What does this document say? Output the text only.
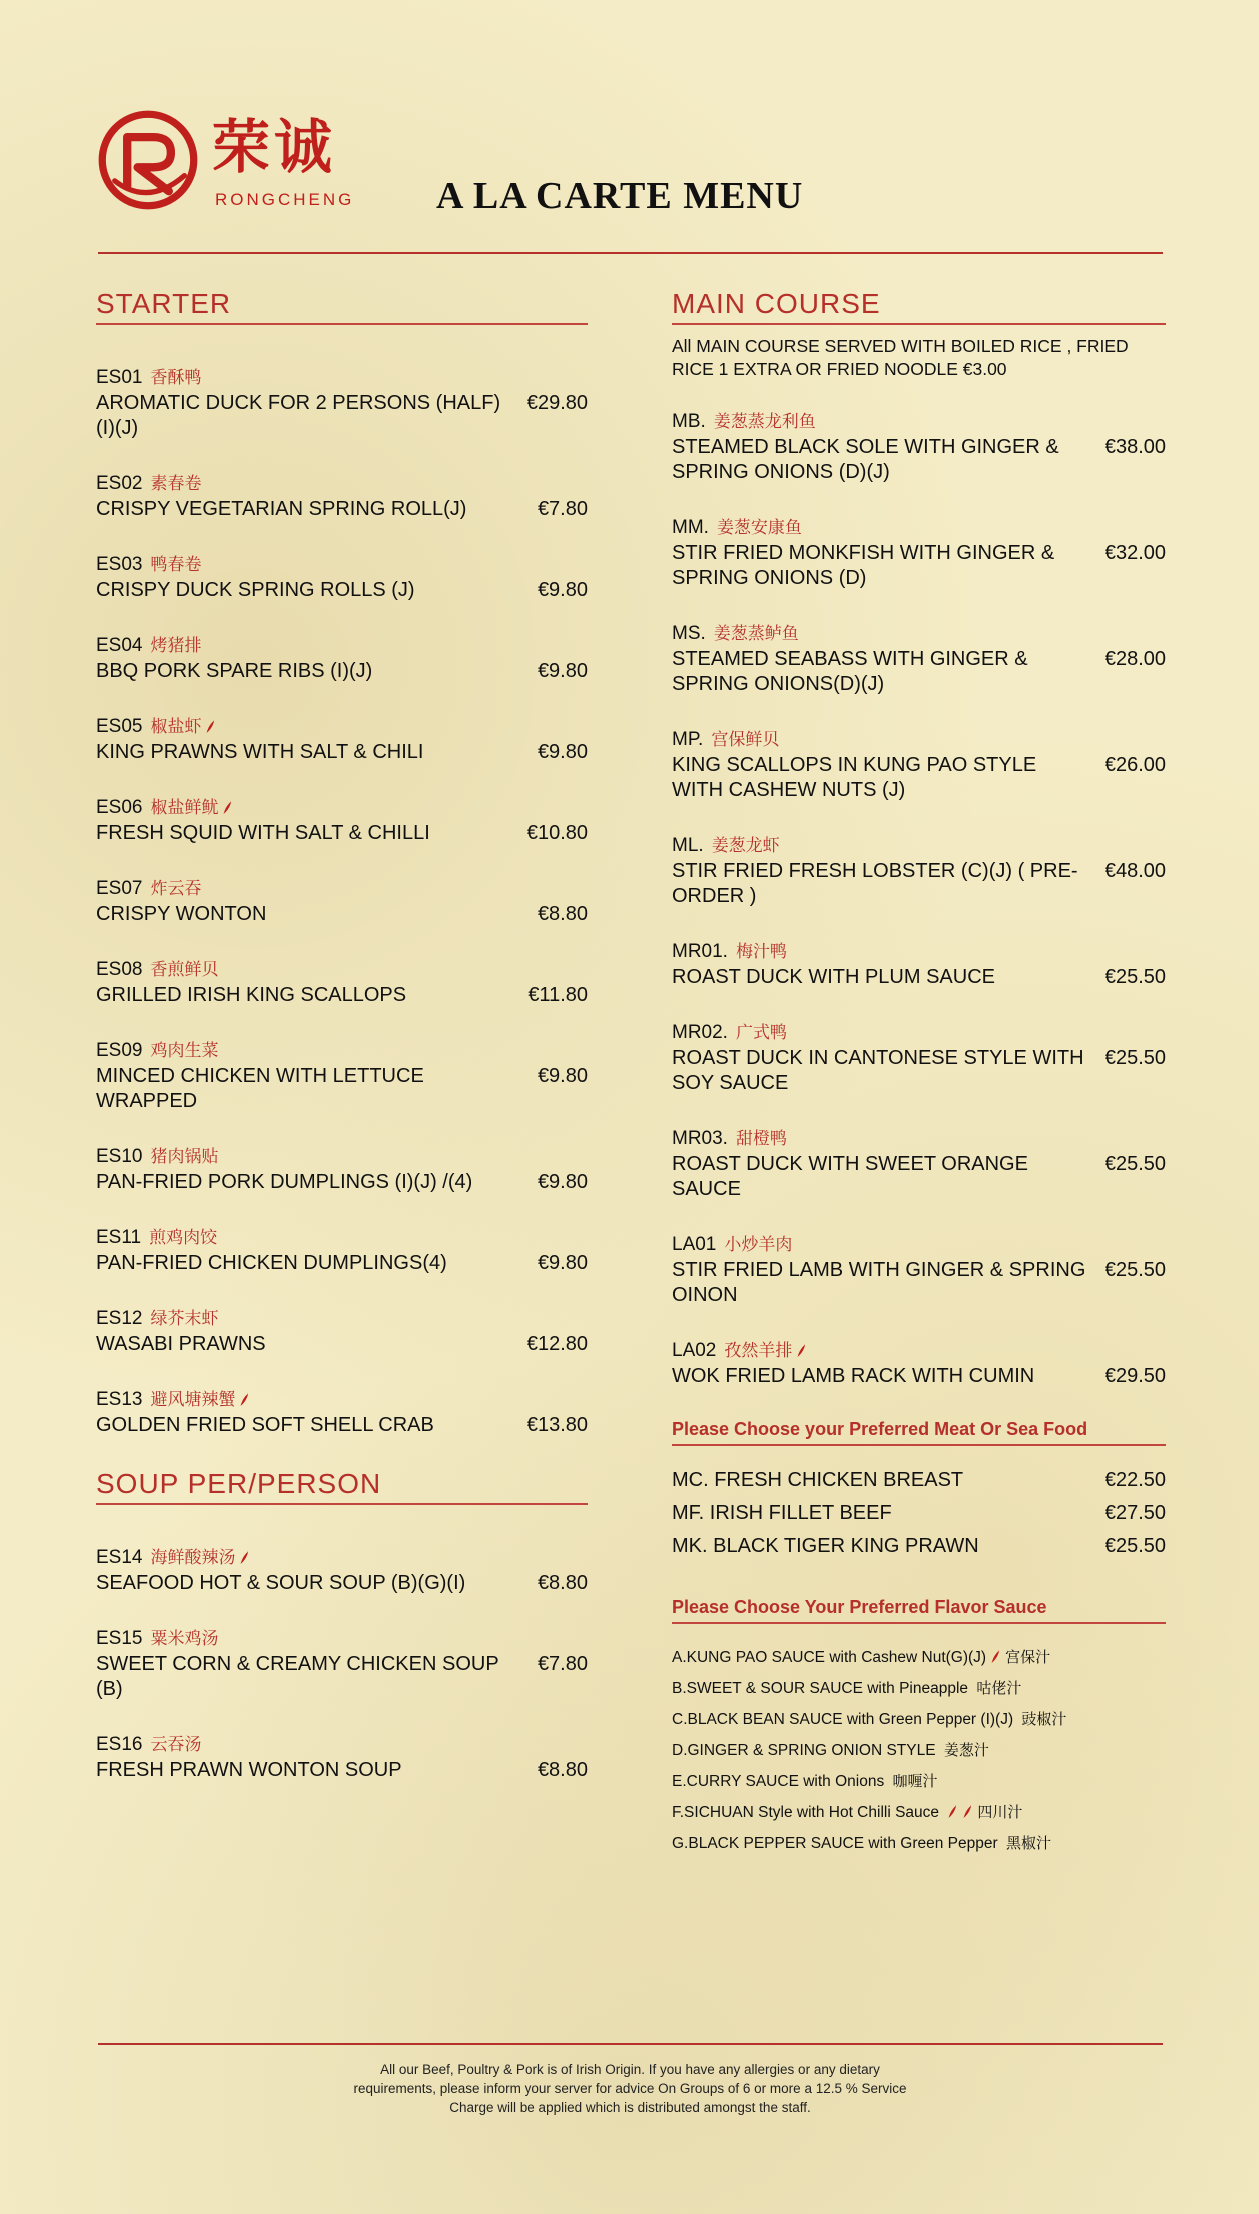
荣诚
RONGCHENG A LA CARTE MENU
STARTER
ES01 香酥鸭
AROMATIC DUCK FOR 2 PERSONS (HALF)(I)(J)
€29.80
ES02 素春卷
CRISPY VEGETARIAN SPRING ROLL(J)	€7.80
ES03 鸭春卷
CRISPY DUCK SPRING ROLLS (J)	€9.80
ES04 烤猪排
BBQ PORK SPARE RIBS (I)(J)	€9.80
ES05 椒盐虾
KING PRAWNS WITH SALT & CHILI	€9.80
ES06 椒盐鲜鱿
FRESH SQUID WITH SALT & CHILLI	€10.80
ES07 炸云吞
CRISPY WONTON	€8.80
ES08 香煎鲜贝
GRILLED IRISH KING SCALLOPS	€11.80
ES09 鸡肉生菜
MINCED CHICKEN WITH LETTUCE WRAPPED
€9.80
ES10 猪肉锅贴
PAN-FRIED PORK DUMPLINGS (I)(J) /(4)	€9.80
ES11 煎鸡肉饺
PAN-FRIED CHICKEN DUMPLINGS(4)	€9.80
ES12 绿芥末虾
WASABI PRAWNS	€12.80
ES13 避风塘辣蟹
GOLDEN FRIED SOFT SHELL CRAB	€13.80
SOUP PER/PERSON
ES14 海鲜酸辣汤
SEAFOOD HOT & SOUR SOUP (B)(G)(I)	€8.80
ES15 粟米鸡汤
SWEET CORN & CREAMY CHICKEN SOUP (B)
€7.80
ES16 云吞汤
FRESH PRAWN WONTON SOUP	€8.80
MAIN COURSE
All MAIN COURSE SERVED WITH BOILED RICE , FRIED RICE 1 EXTRA OR FRIED NOODLE €3.00
MB. 姜葱蒸龙利鱼
STEAMED BLACK SOLE WITH GINGER & SPRING ONIONS (D)(J)
€38.00
MM. 姜葱安康鱼
STIR FRIED MONKFISH WITH GINGER & SPRING ONIONS (D)
€32.00
MS. 姜葱蒸鲈鱼
STEAMED SEABASS WITH GINGER & SPRING ONIONS(D)(J)
€28.00
MP. 宫保鲜贝
KING SCALLOPS IN KUNG PAO STYLE WITH CASHEW NUTS (J)
€26.00
ML. 姜葱龙虾
STIR FRIED FRESH LOBSTER (C)(J) ( PRE-ORDER )
€48.00
MR01. 梅汁鸭
ROAST DUCK WITH PLUM SAUCE	€25.50
MR02. 广式鸭
ROAST DUCK IN CANTONESE STYLE WITH SOY SAUCE
€25.50
MR03. 甜橙鸭
ROAST DUCK WITH SWEET ORANGE SAUCE
€25.50
LA01 小炒羊肉
STIR FRIED LAMB WITH GINGER & SPRING OINON
€25.50
LA02 孜然羊排
WOK FRIED LAMB RACK WITH CUMIN	€29.50
Please Choose your Preferred Meat Or Sea Food
MC. FRESH CHICKEN BREAST	€22.50
MF. IRISH FILLET BEEF	€27.50
MK. BLACK TIGER KING PRAWN	€25.50
Please Choose Your Preferred Flavor Sauce
A.KUNG PAO SAUCE with Cashew Nut(G)(J) 宫保汁
B.SWEET & SOUR SAUCE with Pineapple 咕佬汁
C.BLACK BEAN SAUCE with Green Pepper (I)(J) 豉椒汁
D.GINGER & SPRING ONION STYLE 姜葱汁
E.CURRY SAUCE with Onions 咖喱汁
F.SICHUAN Style with Hot Chilli Sauce 四川汁
G.BLACK PEPPER SAUCE with Green Pepper 黑椒汁
All our Beef, Poultry & Pork is of Irish Origin. If you have any allergies or any dietary
requirements, please inform your server for advice On Groups of 6 or more a 12.5 % Service
Charge will be applied which is distributed amongst the staff.
